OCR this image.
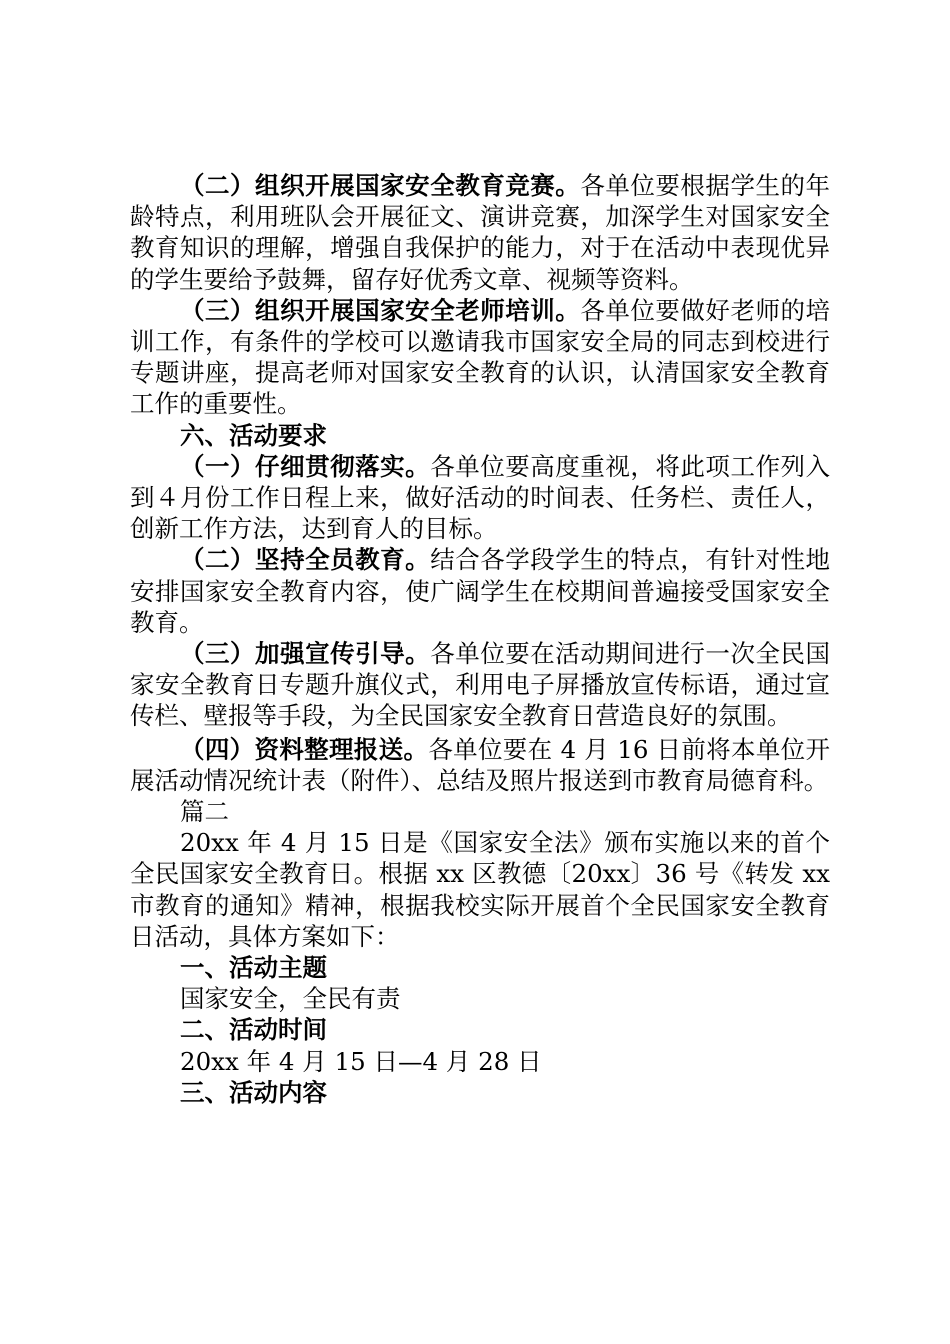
（二）组织开展国家安全教育竞赛。各单位要根据学生的年龄特点，利用班队会开展征文、演讲竞赛，加深学生对国家安全教育知识的理解，增强自我保护的能力，对于在活动中表现优异的学生要给予鼓舞，留存好优秀文章、视频等资料。

（三）组织开展国家安全老师培训。各单位要做好老师的培训工作，有条件的学校可以邀请我市国家安全局的同志到校进行专题讲座，提高老师对国家安全教育的认识，认清国家安全教育工作的重要性。

六、活动要求

（一）仔细贯彻落实。各单位要高度重视，将此项工作列入到４月份工作日程上来，做好活动的时间表、任务栏、责任人，创新工作方法，达到育人的目标。

（二）坚持全员教育。结合各学段学生的特点，有针对性地安排国家安全教育内容，使广阔学生在校期间普遍接受国家安全教育。

（三）加强宣传引导。各单位要在活动期间进行一次全民国家安全教育日专题升旗仪式，利用电子屏播放宣传标语，通过宣传栏、壁报等手段，为全民国家安全教育日营造良好的氛围。

（四）资料整理报送。各单位要在 4 月 16 日前将本单位开展活动情况统计表（附件）、总结及照片报送到市教育局德育科。

篇二

20xx 年 4 月 15 日是《国家安全法》颁布实施以来的首个全民国家安全教育日。根据 xx 区教德〔20xx〕36 号《转发 xx 市教育的通知》精神，根据我校实际开展首个全民国家安全教育日活动，具体方案如下：

一、活动主题

国家安全，全民有责

二、活动时间

20xx 年 4 月 15 日—4 月 28 日

三、活动内容
